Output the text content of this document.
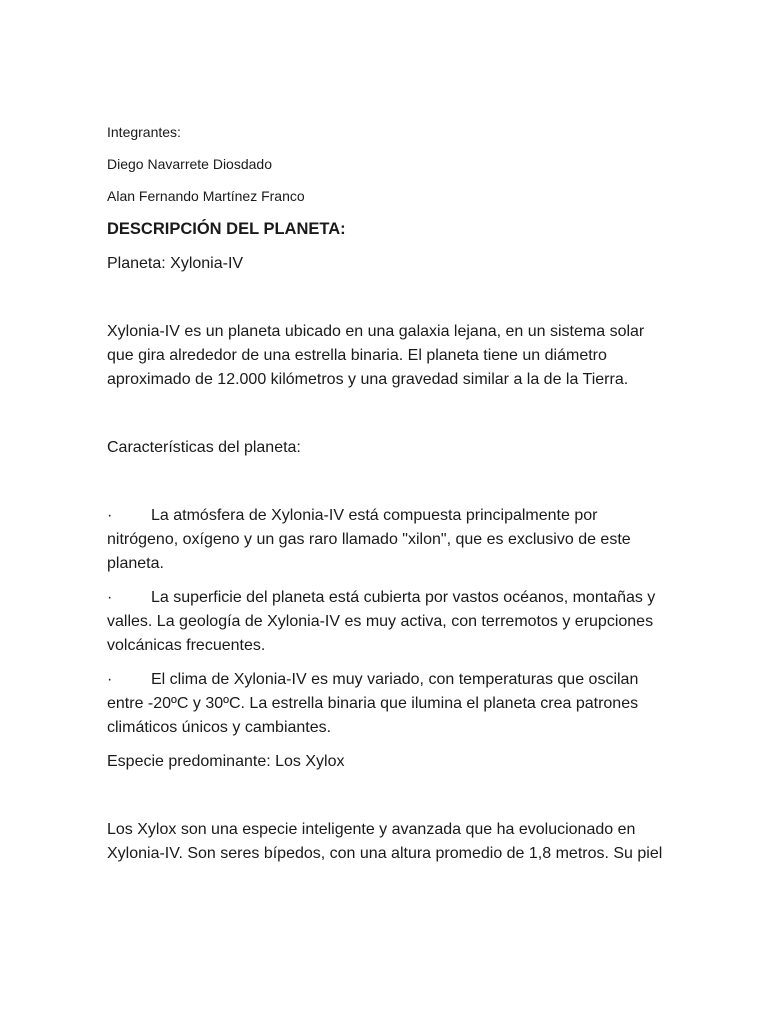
Integrantes:

Diego Navarrete Diosdado

Alan Fernando Martínez Franco

DESCRIPCIÓN DEL PLANETA:

Planeta: Xylonia-IV

Xylonia-IV es un planeta ubicado en una galaxia lejana, en un sistema solar que gira alrededor de una estrella binaria. El planeta tiene un diámetro aproximado de 12.000 kilómetros y una gravedad similar a la de la Tierra.

Características del planeta:

· La atmósfera de Xylonia-IV está compuesta principalmente por nitrógeno, oxígeno y un gas raro llamado "xilon", que es exclusivo de este planeta.

· La superficie del planeta está cubierta por vastos océanos, montañas y valles. La geología de Xylonia-IV es muy activa, con terremotos y erupciones volcánicas frecuentes.

· El clima de Xylonia-IV es muy variado, con temperaturas que oscilan entre -20ºC y 30ºC. La estrella binaria que ilumina el planeta crea patrones climáticos únicos y cambiantes.

Especie predominante: Los Xylox

Los Xylox son una especie inteligente y avanzada que ha evolucionado en Xylonia-IV. Son seres bípedos, con una altura promedio de 1,8 metros. Su piel
